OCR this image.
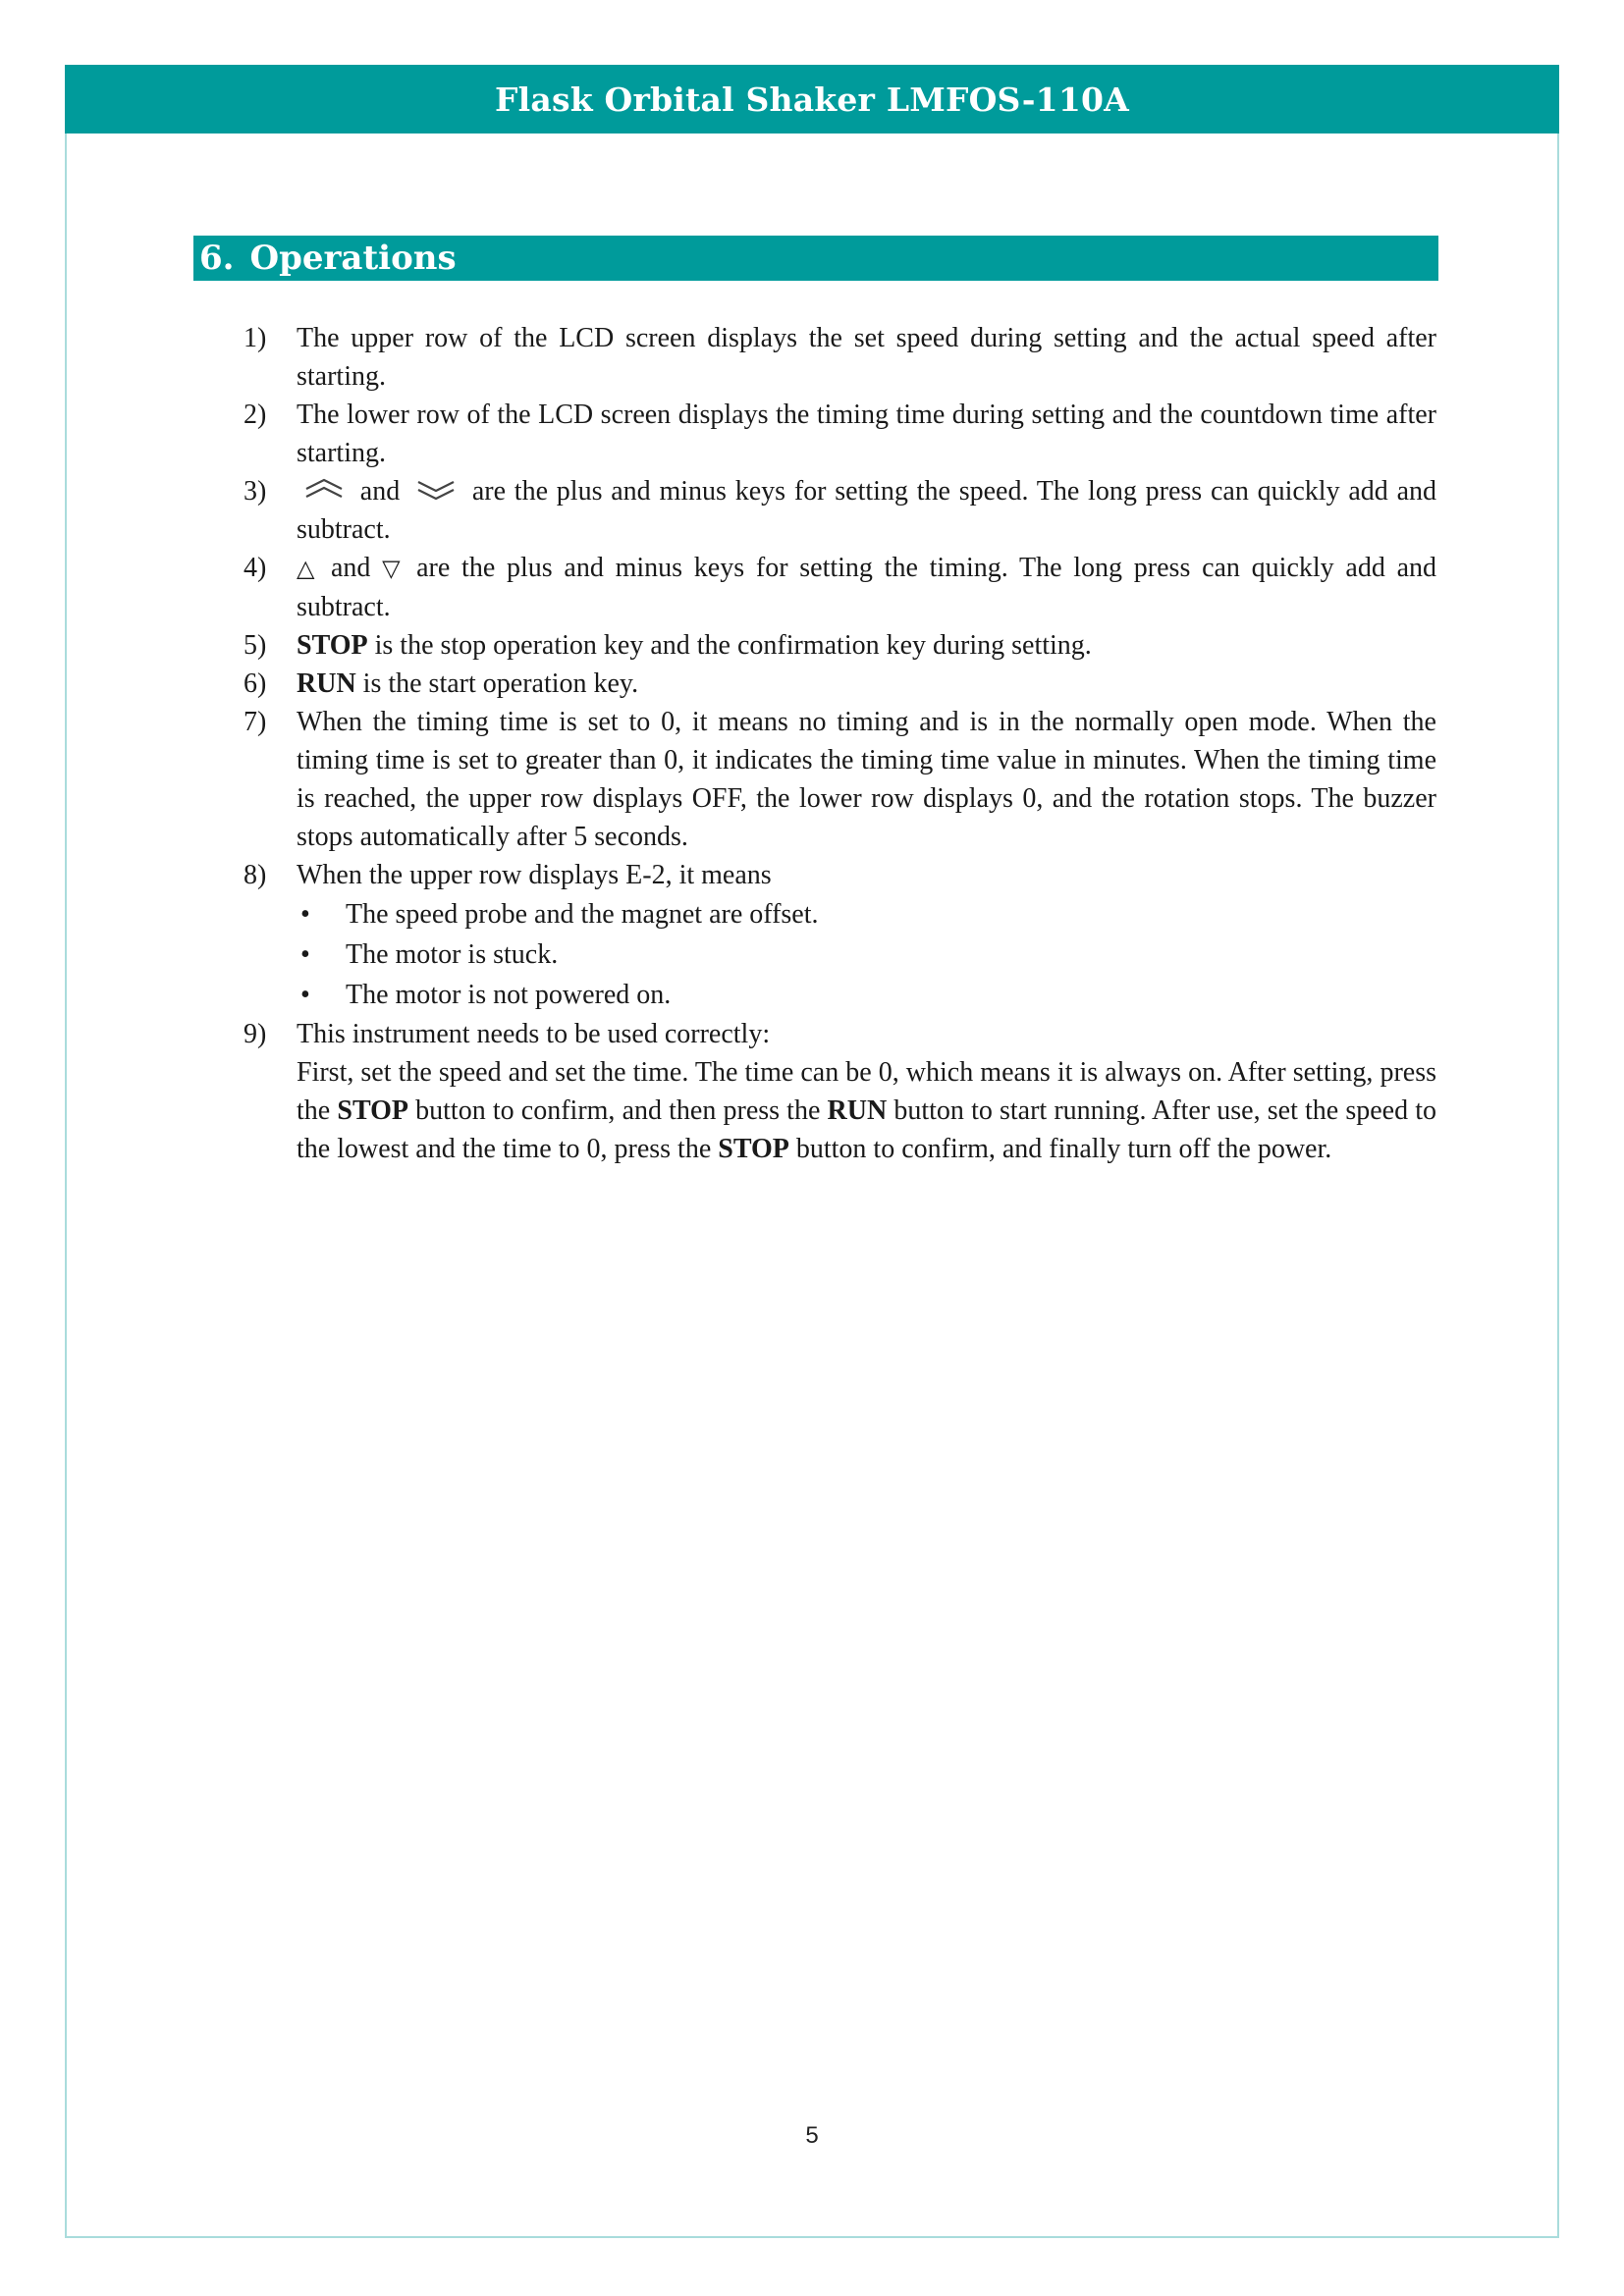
Flask Orbital Shaker LMFOS-110A
6. Operations
1)	The upper row of the LCD screen displays the set speed during setting and the actual speed after starting.
2)	The lower row of the LCD screen displays the timing time during setting and the countdown time after starting.
3)	and	are the plus and minus keys for setting the speed. The long press can quickly add and subtract.
4)	△ and ▽ are the plus and minus keys for setting the timing. The long press can quickly add and subtract.
5)	STOP is the stop operation key and the confirmation key during setting.
6)	RUN is the start operation key.
7)	When the timing time is set to 0, it means no timing and is in the normally open mode. When the timing time is set to greater than 0, it indicates the timing time value in minutes. When the timing time is reached, the upper row displays OFF, the lower row displays 0, and the rotation stops. The buzzer stops automatically after 5 seconds.
8)	When the upper row displays E-2, it means
• The speed probe and the magnet are offset.
• The motor is stuck.
• The motor is not powered on.
9)	This instrument needs to be used correctly:
First, set the speed and set the time. The time can be 0, which means it is always on. After setting, press the STOP button to confirm, and then press the RUN button to start running. After use, set the speed to the lowest and the time to 0, press the STOP button to confirm, and finally turn off the power.
5
